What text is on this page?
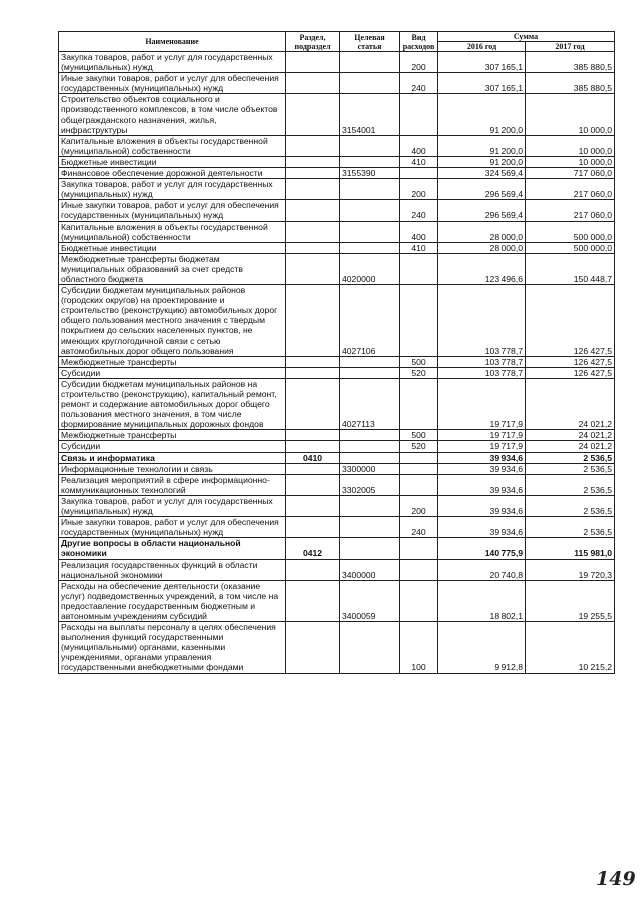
Наименование	Раздел, подраздел	Целевая статья	Вид расходов	Сумма	
				2016 год	2017 год
Закупка товаров, работ и услуг для государственных (муниципальных) нужд			200	307 165,1	385 880,5
Иные закупки товаров, работ и услуг для обеспечения государственных (муниципальных) нужд			240	307 165,1	385 880,5
Строительство объектов социального и производственного комплексов, в том числе объектов общегражданского назначения, жилья, инфраструктуры		3154001		91 200,0	10 000,0
Капитальные вложения в объекты государственной (муниципальной) собственности			400	91 200,0	10 000,0
Бюджетные инвестиции			410	91 200,0	10 000,0
Финансовое обеспечение дорожной деятельности		3155390		324 569,4	717 060,0
Закупка товаров, работ и услуг для государственных (муниципальных) нужд			200	296 569,4	217 060,0
Иные закупки товаров, работ и услуг для обеспечения государственных (муниципальных) нужд			240	296 569,4	217 060,0
Капитальные вложения в объекты государственной (муниципальной) собственности			400	28 000,0	500 000,0
Бюджетные инвестиции			410	28 000,0	500 000,0
Межбюджетные трансферты бюджетам муниципальных образований за счет средств областного бюджета		4020000		123 496,6	150 448,7
Субсидии бюджетам муниципальных районов (городских округов) на проектирование и строительство (реконструкцию) автомобильных дорог общего пользования местного значения с твердым покрытием до сельских населенных пунктов, не имеющих круглогодичной связи с сетью автомобильных дорог общего пользования		4027106		103 778,7	126 427,5
Межбюджетные трансферты			500	103 778,7	126 427,5
Субсидии			520	103 778,7	126 427,5
Субсидии бюджетам муниципальных районов на строительство (реконструкцию), капитальный ремонт, ремонт и содержание автомобильных дорог общего пользования местного значения, в том числе формирование муниципальных дорожных фондов		4027113		19 717,9	24 021,2
Межбюджетные трансферты			500	19 717,9	24 021,2
Субсидии			520	19 717,9	24 021,2
Связь и информатика	0410			39 934,6	2 536,5
Информационные технологии и связь		3300000		39 934,6	2 536,5
Реализация мероприятий в сфере информационно-коммуникационных технологий		3302005		39 934,6	2 536,5
Закупка товаров, работ и услуг для государственных (муниципальных) нужд			200	39 934,6	2 536,5
Иные закупки товаров, работ и услуг для обеспечения государственных (муниципальных) нужд			240	39 934,6	2 536,5
Другие вопросы в области национальной экономики	0412			140 775,9	115 981,0
Реализация государственных функций в области национальной экономики		3400000		20 740,8	19 720,3
Расходы на обеспечение деятельности (оказание услуг) подведомственных учреждений, в том числе на предоставление государственным бюджетным и автономным учреждениям субсидий		3400059		18 802,1	19 255,5
Расходы на выплаты персоналу в целях обеспечения выполнения функций государственными (муниципальными) органами, казенными учреждениями, органами управления государственными внебюджетными фондами			100	9 912,8	10 215,2
149
